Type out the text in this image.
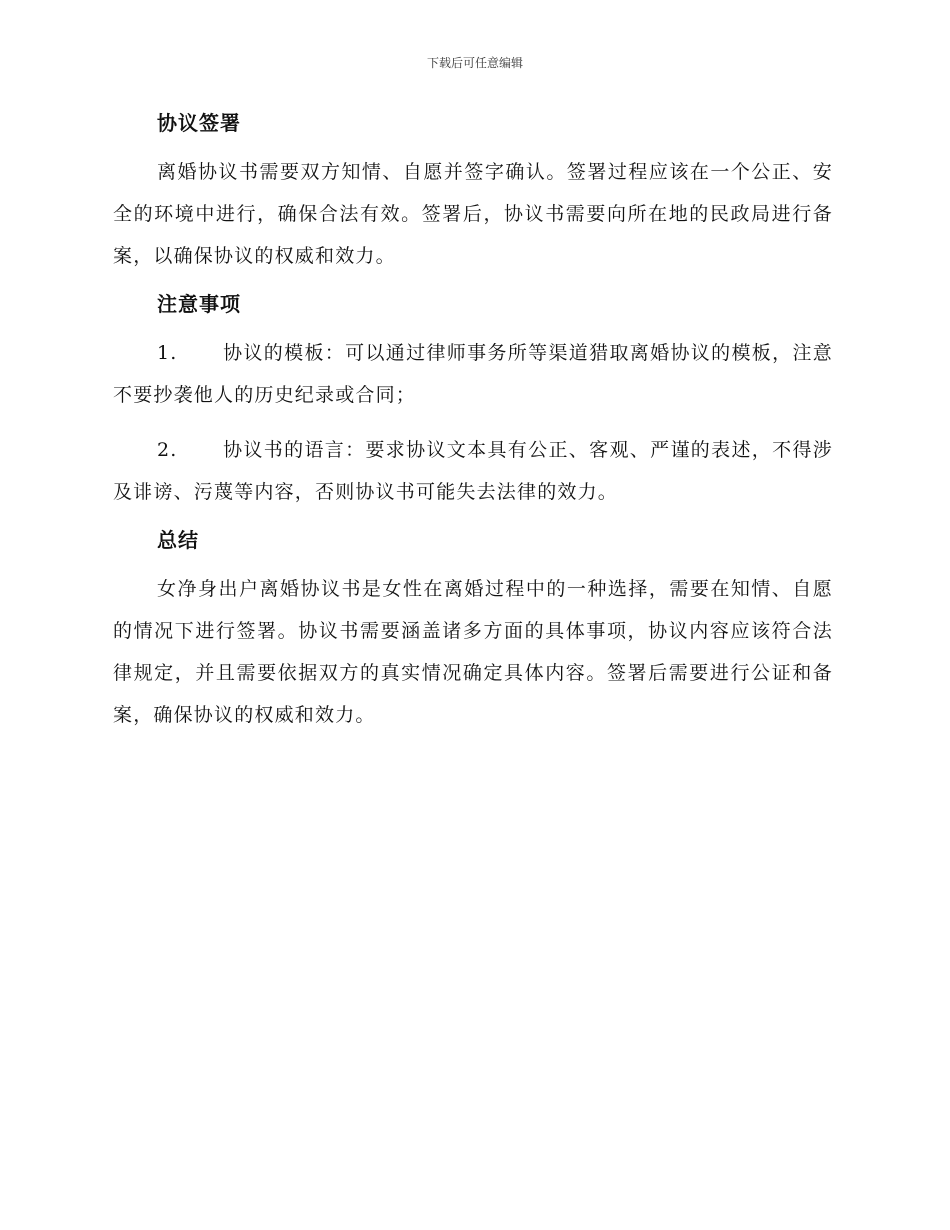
下载后可任意编辑
协议签署

离婚协议书需要双方知情、自愿并签字确认。签署过程应该在一个公正、安全的环境中进行，确保合法有效。签署后，协议书需要向所在地的民政局进行备案，以确保协议的权威和效力。

注意事项

1. 协议的模板：可以通过律师事务所等渠道猎取离婚协议的模板，注意不要抄袭他人的历史纪录或合同；

2. 协议书的语言：要求协议文本具有公正、客观、严谨的表述，不得涉及诽谤、污蔑等内容，否则协议书可能失去法律的效力。

总结

女净身出户离婚协议书是女性在离婚过程中的一种选择，需要在知情、自愿的情况下进行签署。协议书需要涵盖诸多方面的具体事项，协议内容应该符合法律规定，并且需要依据双方的真实情况确定具体内容。签署后需要进行公证和备案，确保协议的权威和效力。
